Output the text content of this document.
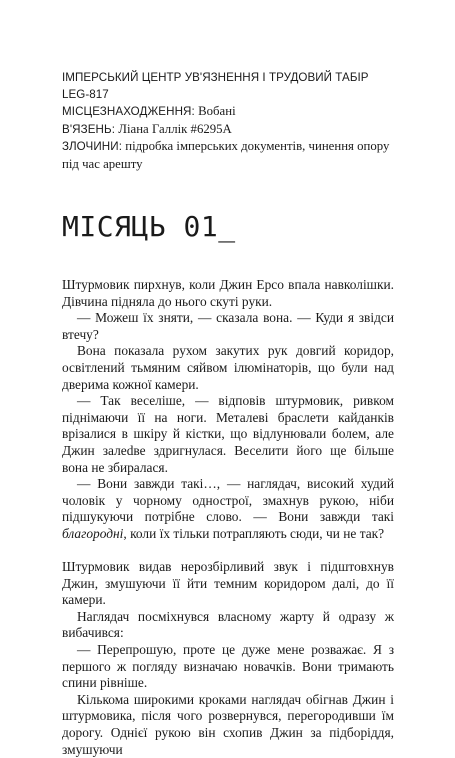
ІМПЕРСЬКИЙ ЦЕНТР УВ'ЯЗНЕННЯ І ТРУДОВИЙ ТАБІР LEG-817

МІСЦЕЗНАХОДЖЕННЯ: Вобані

В'ЯЗЕНЬ: Ліана Галлік #6295А

ЗЛОЧИНИ: підробка імперських документів, чинення опору під час арешту

МІСЯЦЬ 01_

Штурмовик пирхнув, коли Джин Ерсо впала навколішки. Дівчина підняла до нього скуті руки.

— Можеш їх зняти, — сказала вона. — Куди я звідси втечу?

Вона показала рухом закутих рук довгий коридор, освітлений тьмяним сяйвом ілюмінаторів, що були над дверима кожної камери.

— Так веселіше, — відповів штурмовик, ривком піднімаючи її на ноги. Металеві браслети кайданків врізалися в шкіру й кістки, що відлунювали болем, але Джин залedве здригнулася. Веселити його ще більше вона не збиралася.

— Вони завжди такі…, — наглядач, високий худий чоловік у чорному однострої, змахнув рукою, ніби підшукуючи потрібне слово. — Вони завжди такі благородні, коли їх тільки потрапляють сюди, чи не так?

Штурмовик видав нерозбірливий звук і підштовхнув Джин, змушуючи її йти темним коридором далі, до її камери.

Наглядач посміхнувся власному жарту й одразу ж вибачився:

— Перепрошую, проте це дуже мене розважає. Я з першого ж погляду визначаю новачків. Вони тримають спини рівніше.

Кількома широкими кроками наглядач обігнав Джин і штурмовика, після чого розвернувся, перегородивши їм дорогу. Однієї рукою він схопив Джин за підборіддя, змушуючи
